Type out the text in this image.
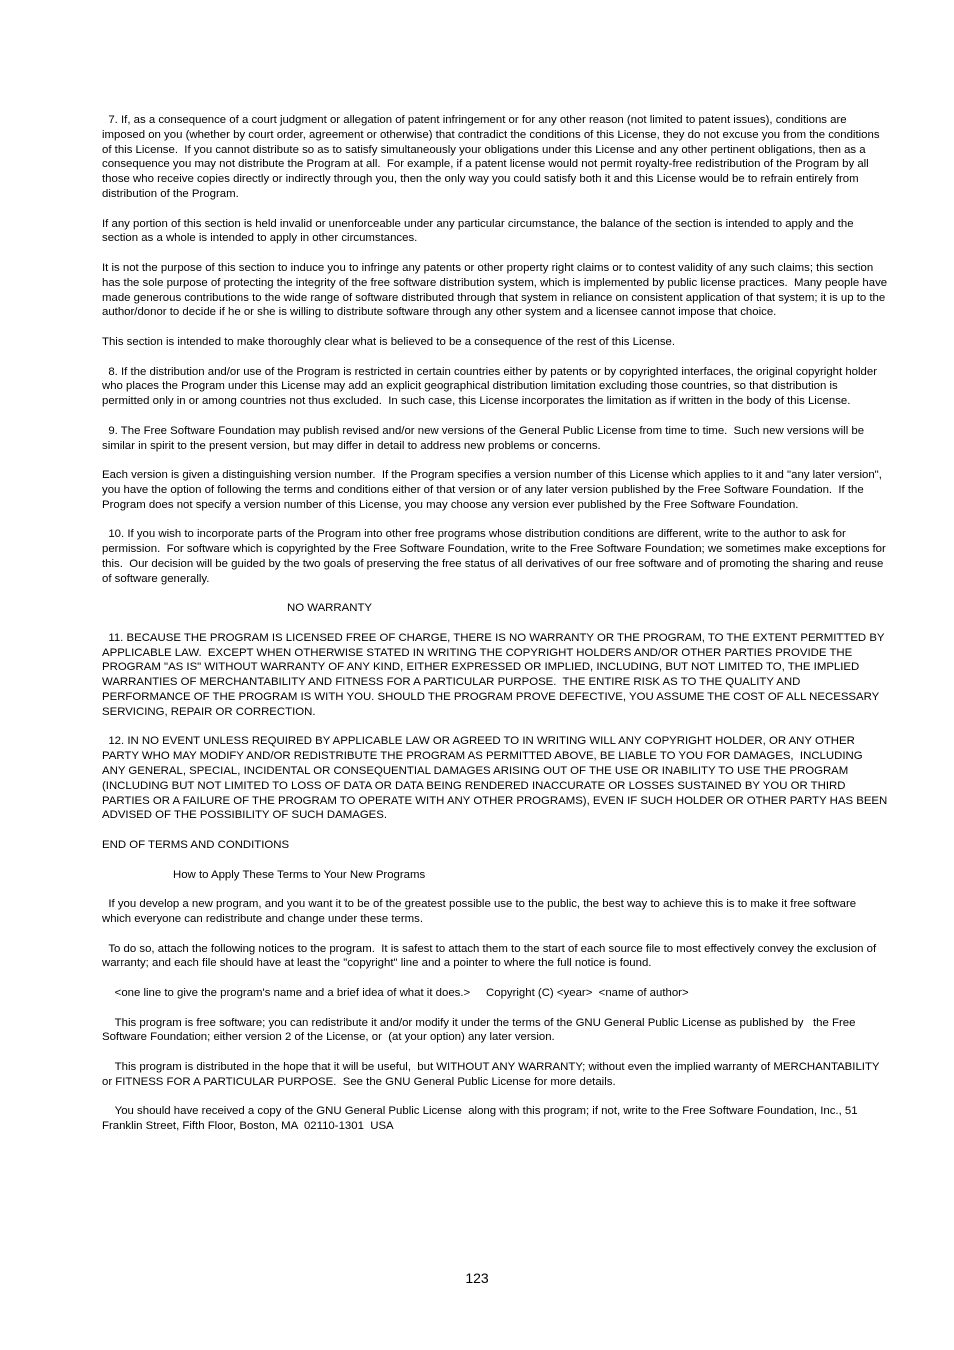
7. If, as a consequence of a court judgment or allegation of patent infringement or for any other reason (not limited to patent issues), conditions are imposed on you (whether by court order, agreement or otherwise) that contradict the conditions of this License, they do not excuse you from the conditions of this License.  If you cannot distribute so as to satisfy simultaneously your obligations under this License and any other pertinent obligations, then as a consequence you may not distribute the Program at all.  For example, if a patent license would not permit royalty-free redistribution of the Program by all those who receive copies directly or indirectly through you, then the only way you could satisfy both it and this License would be to refrain entirely from distribution of the Program.

If any portion of this section is held invalid or unenforceable under any particular circumstance, the balance of the section is intended to apply and the section as a whole is intended to apply in other circumstances.

It is not the purpose of this section to induce you to infringe any patents or other property right claims or to contest validity of any such claims; this section has the sole purpose of protecting the integrity of the free software distribution system, which is implemented by public license practices.  Many people have made generous contributions to the wide range of software distributed through that system in reliance on consistent application of that system; it is up to the author/donor to decide if he or she is willing to distribute software through any other system and a licensee cannot impose that choice.

This section is intended to make thoroughly clear what is believed to be a consequence of the rest of this License.

8. If the distribution and/or use of the Program is restricted in certain countries either by patents or by copyrighted interfaces, the original copyright holder who places the Program under this License may add an explicit geographical distribution limitation excluding those countries, so that distribution is permitted only in or among countries not thus excluded.  In such case, this License incorporates the limitation as if written in the body of this License.

9. The Free Software Foundation may publish revised and/or new versions of the General Public License from time to time.  Such new versions will be similar in spirit to the present version, but may differ in detail to address new problems or concerns.

Each version is given a distinguishing version number.  If the Program specifies a version number of this License which applies to it and "any later version", you have the option of following the terms and conditions either of that version or of any later version published by the Free Software Foundation.  If the Program does not specify a version number of this License, you may choose any version ever published by the Free Software Foundation.

10. If you wish to incorporate parts of the Program into other free programs whose distribution conditions are different, write to the author to ask for permission.  For software which is copyrighted by the Free Software Foundation, write to the Free Software Foundation; we sometimes make exceptions for this.  Our decision will be guided by the two goals of preserving the free status of all derivatives of our free software and of promoting the sharing and reuse of software generally.

NO WARRANTY

11. BECAUSE THE PROGRAM IS LICENSED FREE OF CHARGE, THERE IS NO WARRANTY OR THE PROGRAM, TO THE EXTENT PERMITTED BY APPLICABLE LAW.  EXCEPT WHEN OTHERWISE STATED IN WRITING THE COPYRIGHT HOLDERS AND/OR OTHER PARTIES PROVIDE THE PROGRAM "AS IS" WITHOUT WARRANTY OF ANY KIND, EITHER EXPRESSED OR IMPLIED, INCLUDING, BUT NOT LIMITED TO, THE IMPLIED WARRANTIES OF MERCHANTABILITY AND FITNESS FOR A PARTICULAR PURPOSE.  THE ENTIRE RISK AS TO THE QUALITY AND PERFORMANCE OF THE PROGRAM IS WITH YOU. SHOULD THE PROGRAM PROVE DEFECTIVE, YOU ASSUME THE COST OF ALL NECESSARY SERVICING, REPAIR OR CORRECTION.

12. IN NO EVENT UNLESS REQUIRED BY APPLICABLE LAW OR AGREED TO IN WRITING WILL ANY COPYRIGHT HOLDER, OR ANY OTHER PARTY WHO MAY MODIFY AND/OR REDISTRIBUTE THE PROGRAM AS PERMITTED ABOVE, BE LIABLE TO YOU FOR DAMAGES,  INCLUDING ANY GENERAL, SPECIAL, INCIDENTAL OR CONSEQUENTIAL DAMAGES ARISING OUT OF THE USE OR INABILITY TO USE THE PROGRAM (INCLUDING BUT NOT LIMITED TO LOSS OF DATA OR DATA BEING RENDERED INACCURATE OR LOSSES SUSTAINED BY YOU OR THIRD PARTIES OR A FAILURE OF THE PROGRAM TO OPERATE WITH ANY OTHER PROGRAMS), EVEN IF SUCH HOLDER OR OTHER PARTY HAS BEEN ADVISED OF THE POSSIBILITY OF SUCH DAMAGES.

END OF TERMS AND CONDITIONS

How to Apply These Terms to Your New Programs

If you develop a new program, and you want it to be of the greatest possible use to the public, the best way to achieve this is to make it free software which everyone can redistribute and change under these terms.

To do so, attach the following notices to the program.  It is safest to attach them to the start of each source file to most effectively convey the exclusion of warranty; and each file should have at least the "copyright" line and a pointer to where the full notice is found.

<one line to give the program's name and a brief idea of what it does.>     Copyright (C) <year>  <name of author>

This program is free software; you can redistribute it and/or modify it under the terms of the GNU General Public License as published by   the Free Software Foundation; either version 2 of the License, or  (at your option) any later version.

This program is distributed in the hope that it will be useful,  but WITHOUT ANY WARRANTY; without even the implied warranty of MERCHANTABILITY or FITNESS FOR A PARTICULAR PURPOSE.  See the GNU General Public License for more details.

You should have received a copy of the GNU General Public License  along with this program; if not, write to the Free Software Foundation, Inc., 51 Franklin Street, Fifth Floor, Boston, MA  02110-1301  USA

123
